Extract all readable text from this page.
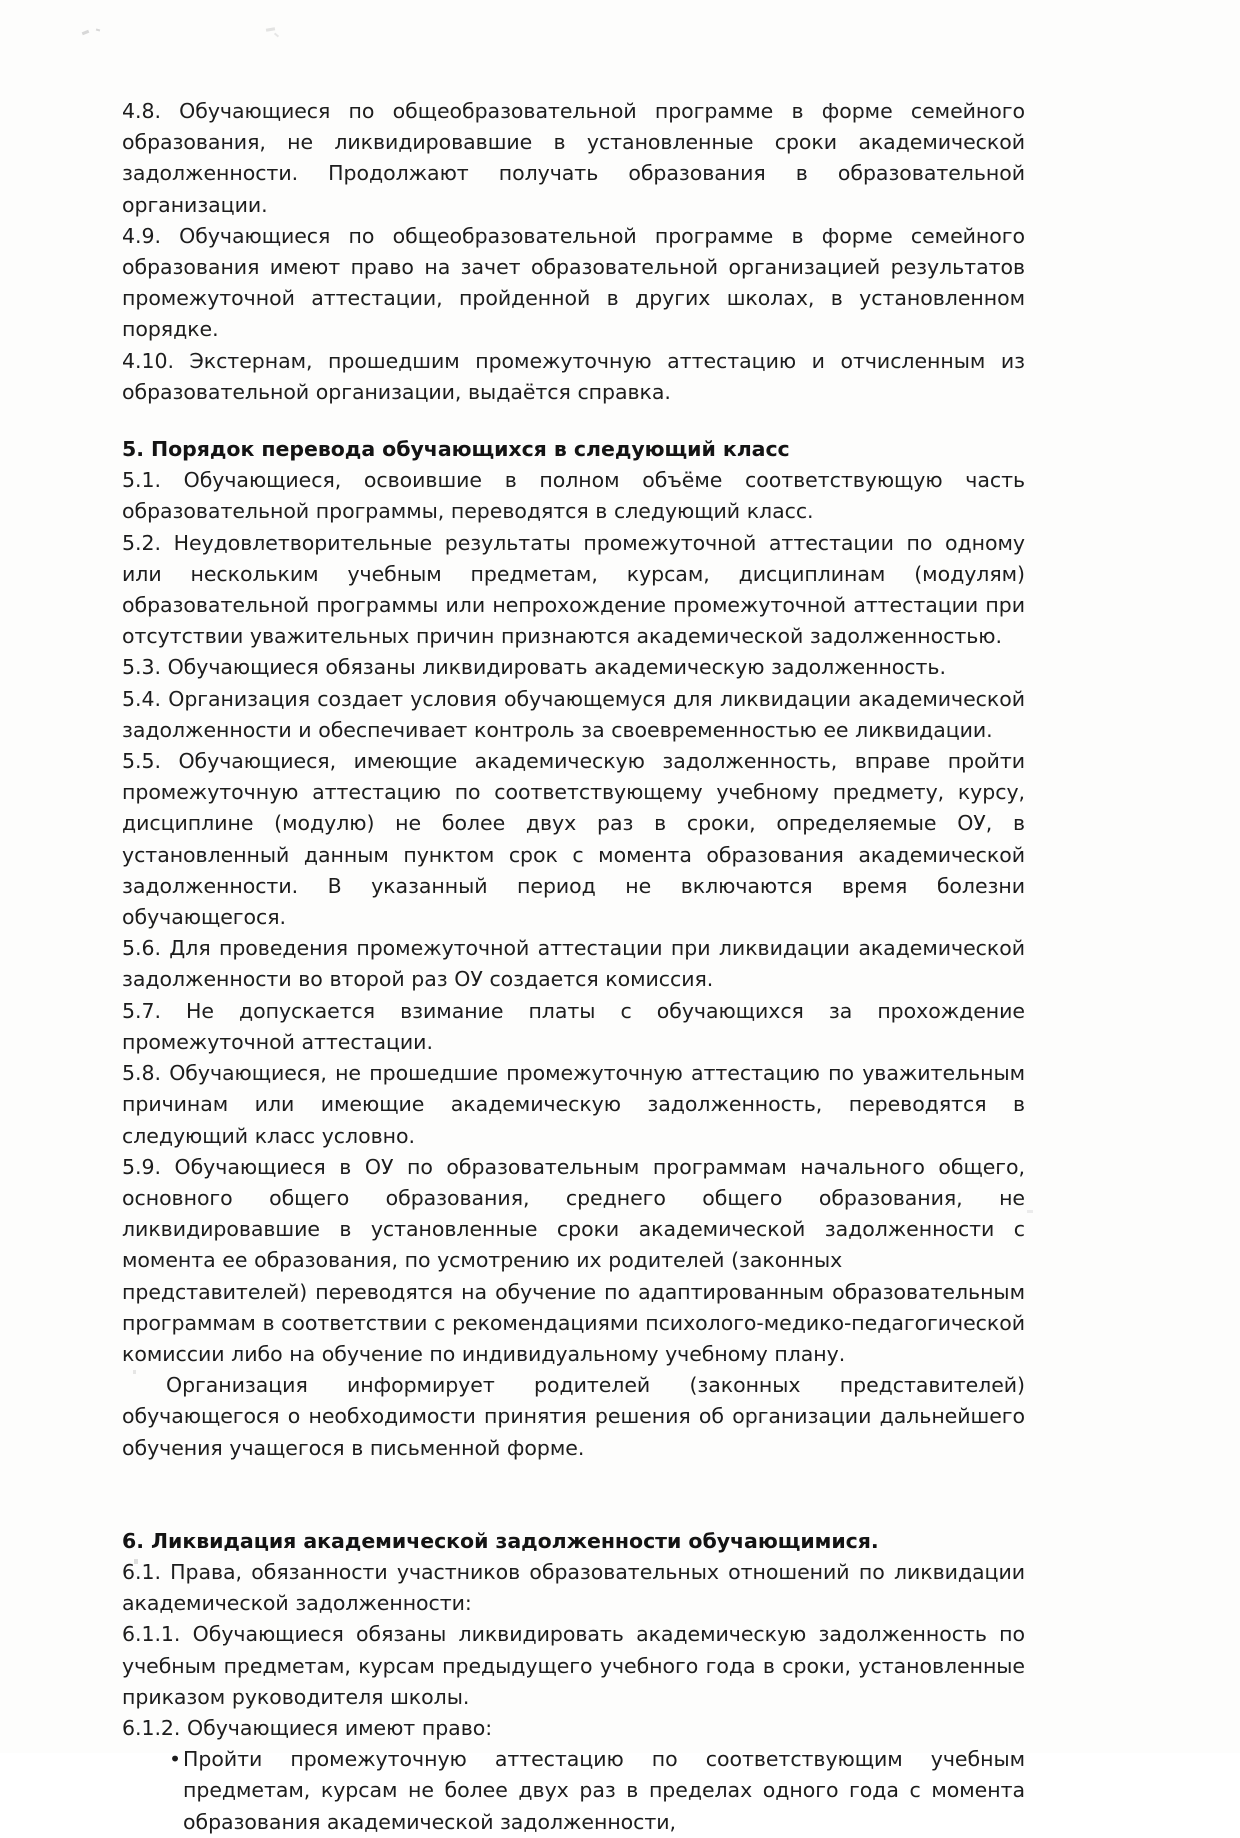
4.8. Обучающиеся по общеобразовательной программе в форме семейного образования, не ликвидировавшие в установленные сроки академической задолженности. Продолжают получать образования в образовательной организации.

4.9. Обучающиеся по общеобразовательной программе в форме семейного образования имеют право на зачет образовательной организацией результатов промежуточной аттестации, пройденной в других школах, в установленном порядке.

4.10. Экстернам, прошедшим промежуточную аттестацию и отчисленным из образовательной организации, выдаётся справка.

5. Порядок перевода обучающихся в следующий класс

5.1. Обучающиеся, освоившие в полном объёме соответствующую часть образовательной программы, переводятся в следующий класс.

5.2. Неудовлетворительные результаты промежуточной аттестации по одному или нескольким учебным предметам, курсам, дисциплинам (модулям) образовательной программы или непрохождение промежуточной аттестации при отсутствии уважительных причин признаются академической задолженностью.

5.3. Обучающиеся обязаны ликвидировать академическую задолженность.

5.4. Организация создает условия обучающемуся для ликвидации академической задолженности и обеспечивает контроль за своевременностью ее ликвидации.

5.5. Обучающиеся, имеющие академическую задолженность, вправе пройти промежуточную аттестацию по соответствующему учебному предмету, курсу, дисциплине (модулю) не более двух раз в сроки, определяемые ОУ, в установленный данным пунктом срок с момента образования академической задолженности. В указанный период не включаются время болезни обучающегося.

5.6. Для проведения промежуточной аттестации при ликвидации академической задолженности во второй раз ОУ создается комиссия.

5.7. Не допускается взимание платы с обучающихся за прохождение промежуточной аттестации.

5.8. Обучающиеся, не прошедшие промежуточную аттестацию по уважительным причинам или имеющие академическую задолженность, переводятся в следующий класс условно.

5.9. Обучающиеся в ОУ по образовательным программам начального общего, основного общего образования, среднего общего образования, не ликвидировавшие в установленные сроки академической задолженности с момента ее образования, по усмотрению их родителей (законных

представителей) переводятся на обучение по адаптированным образовательным программам в соответствии с рекомендациями психолого-медико-педагогической комиссии либо на обучение по индивидуальному учебному плану.

Организация информирует родителей (законных представителей) обучающегося о необходимости принятия решения об организации дальнейшего обучения учащегося в письменной форме.

6. Ликвидация академической задолженности обучающимися.

6.1. Права, обязанности участников образовательных отношений по ликвидации академической задолженности:

6.1.1. Обучающиеся обязаны ликвидировать академическую задолженность по учебным предметам, курсам предыдущего учебного года в сроки, установленные приказом руководителя школы.

6.1.2. Обучающиеся имеют право:

• Пройти промежуточную аттестацию по соответствующим учебным предметам, курсам не более двух раз в пределах одного года с момента образования академической задолженности,
